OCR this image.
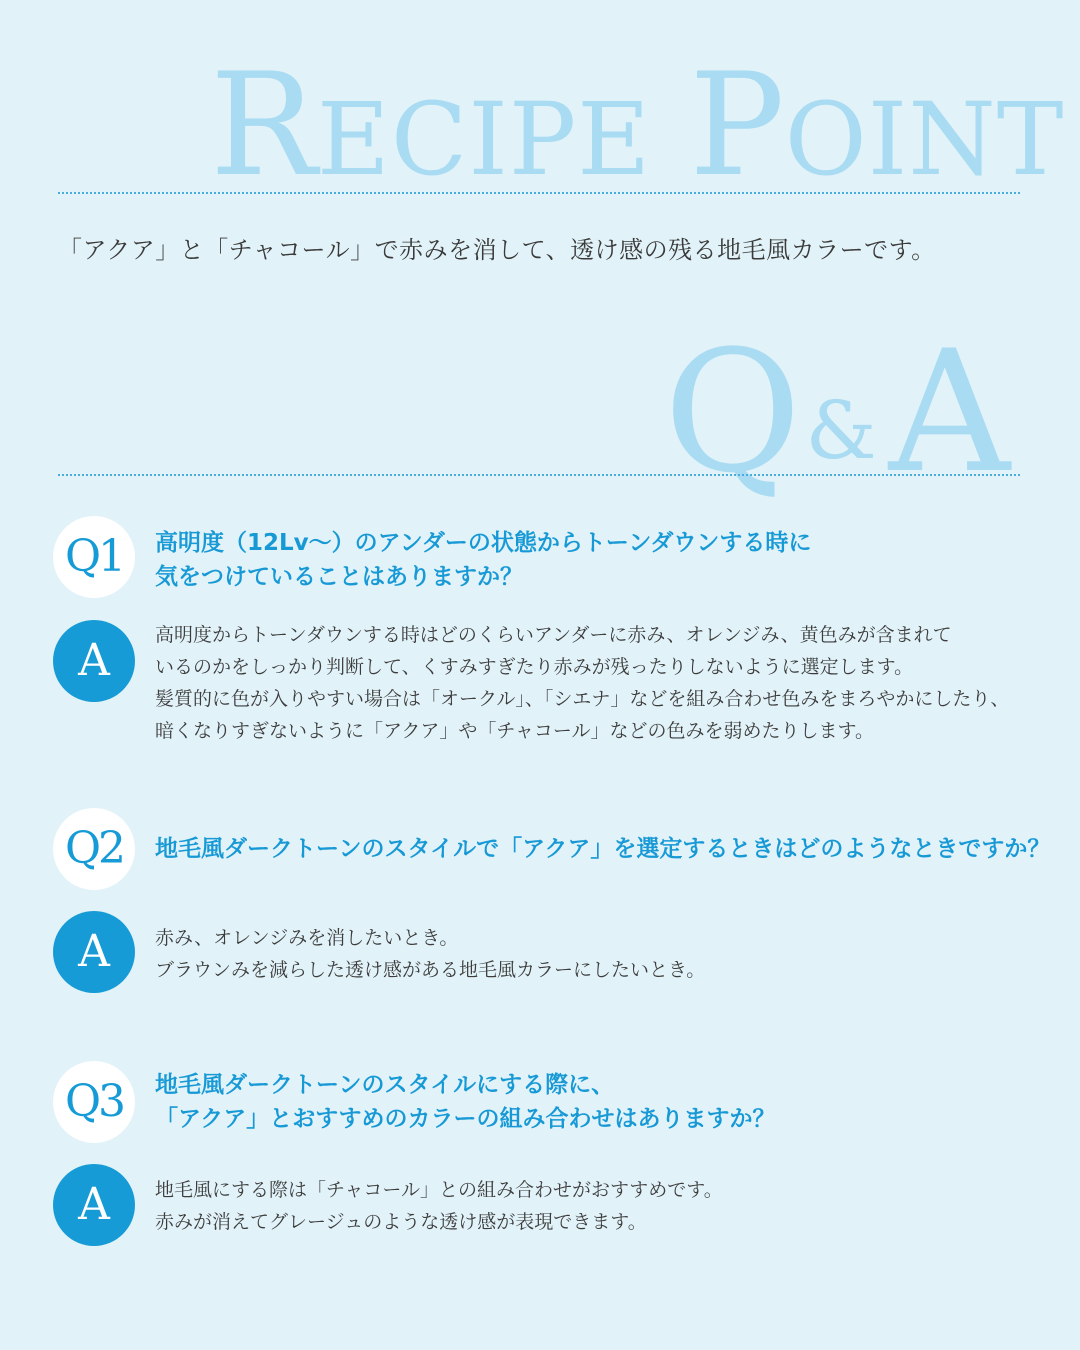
RECIPE POINT
「アクア」と「チャコール」で赤みを消して、透け感の残る地毛風カラーです。
Q&A
Q1	高明度（12Lv〜）のアンダーの状態からトーンダウンする時に
気をつけていることはありますか？
A	高明度からトーンダウンする時はどのくらいアンダーに赤み、オレンジみ、黄色みが含まれて
いるのかをしっかり判断して、くすみすぎたり赤みが残ったりしないように選定します。
髪質的に色が入りやすい場合は「オークル」、「シエナ」などを組み合わせ色みをまろやかにしたり、
暗くなりすぎないように「アクア」や「チャコール」などの色みを弱めたりします。
Q2	地毛風ダークトーンのスタイルで「アクア」を選定するときはどのようなときですか？
A	赤み、オレンジみを消したいとき。
ブラウンみを減らした透け感がある地毛風カラーにしたいとき。
Q3	地毛風ダークトーンのスタイルにする際に、
「アクア」とおすすめのカラーの組み合わせはありますか？
A	地毛風にする際は「チャコール」との組み合わせがおすすめです。
赤みが消えてグレージュのような透け感が表現できます。
